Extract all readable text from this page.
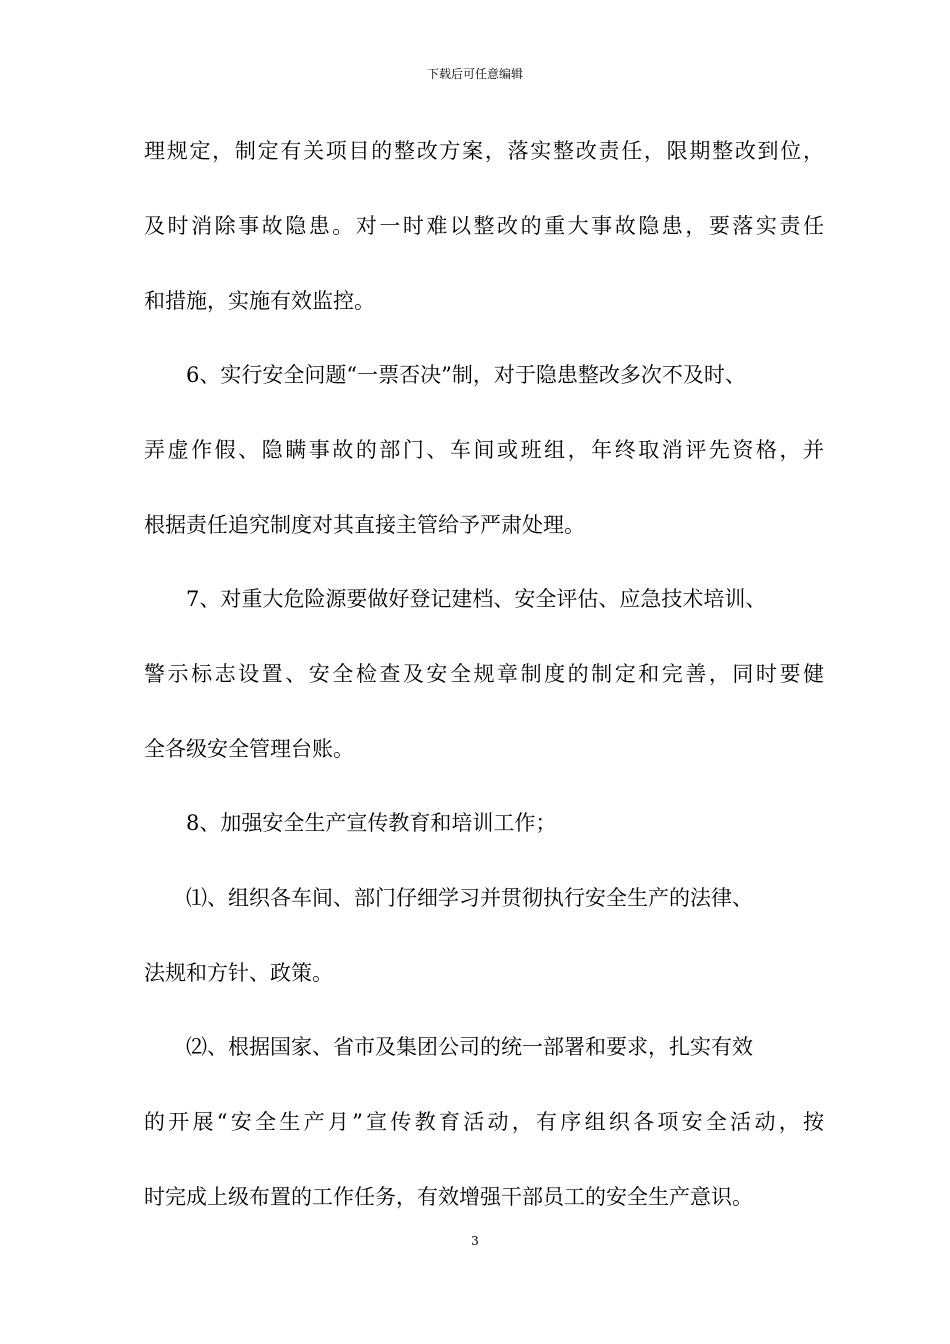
下载后可任意编辑
理规定，制定有关项目的整改方案，落实整改责任，限期整改到位，
及时消除事故隐患。对一时难以整改的重大事故隐患，要落实责任
和措施，实施有效监控。
6、实行安全问题“一票否决”制，对于隐患整改多次不及时、
弄虚作假、隐瞒事故的部门、车间或班组，年终取消评先资格，并
根据责任追究制度对其直接主管给予严肃处理。
7、对重大危险源要做好登记建档、安全评估、应急技术培训、
警示标志设置、安全检查及安全规章制度的制定和完善，同时要健
全各级安全管理台账。
8、加强安全生产宣传教育和培训工作；
⑴、组织各车间、部门仔细学习并贯彻执行安全生产的法律、
法规和方针、政策。
⑵、根据国家、省市及集团公司的统一部署和要求，扎实有效
的开展“安全生产月”宣传教育活动，有序组织各项安全活动，按
时完成上级布置的工作任务，有效增强干部员工的安全生产意识。
3
